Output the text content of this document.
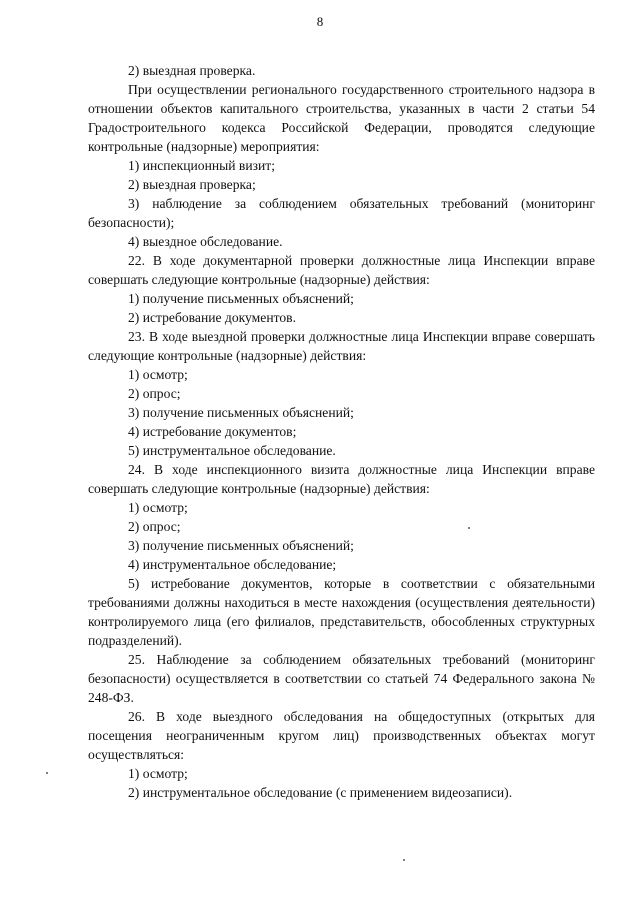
8

2) выездная проверка.

При осуществлении регионального государственного строительного надзора в отношении объектов капитального строительства, указанных в части 2 статьи 54 Градостроительного кодекса Российской Федерации, проводятся следующие контрольные (надзорные) мероприятия:

1) инспекционный визит;

2) выездная проверка;

3) наблюдение за соблюдением обязательных требований (мониторинг безопасности);

4) выездное обследование.

22. В ходе документарной проверки должностные лица Инспекции вправе совершать следующие контрольные (надзорные) действия:

1) получение письменных объяснений;

2) истребование документов.

23. В ходе выездной проверки должностные лица Инспекции вправе совершать следующие контрольные (надзорные) действия:

1) осмотр;

2) опрос;

3) получение письменных объяснений;

4) истребование документов;

5) инструментальное обследование.

24. В ходе инспекционного визита должностные лица Инспекции вправе совершать следующие контрольные (надзорные) действия:

1) осмотр;

2) опрос;

3) получение письменных объяснений;

4) инструментальное обследование;

5) истребование документов, которые в соответствии с обязательными требованиями должны находиться в месте нахождения (осуществления деятельности) контролируемого лица (его филиалов, представительств, обособленных структурных подразделений).

25. Наблюдение за соблюдением обязательных требований (мониторинг безопасности) осуществляется в соответствии со статьей 74 Федерального закона № 248-ФЗ.

26. В ходе выездного обследования на общедоступных (открытых для посещения неограниченным кругом лиц) производственных объектах могут осуществляться:

1) осмотр;

2) инструментальное обследование (с применением видеозаписи).
